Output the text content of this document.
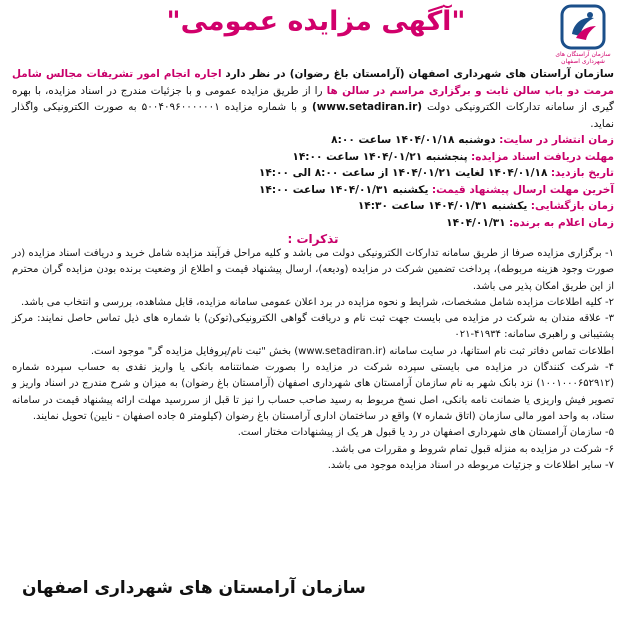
"آگهی مزایده عمومی"
سازمان آراستگان های
شهرداری اصفهان
سازمان آراستان های شهرداری اصفهان (آرامستان باغ رضوان) در نظر دارد اجاره انجام امور تشریفات مجالس شامل مرمت دو باب سالن ثابت و برگزاری مراسم در سالن ها را از طریق مزایده عمومی و با جزئیات مندرج در اسناد مزایده، با بهره گیری از سامانه تدارکات الکترونیکی دولت (www.setadiran.ir) و با شماره مزایده ۵۰۰۴۰۹۶۰۰۰۰۰۰۱ به صورت الکترونیکی واگذار نماید.
زمان انتشار در سایت: دوشنبه ۱۴۰۴/۰۱/۱۸ ساعت ۸:۰۰
مهلت دریافت اسناد مزایده: پنجشنبه ۱۴۰۴/۰۱/۲۱ ساعت ۱۴:۰۰
تاریخ بازدید: ۱۴۰۴/۰۱/۱۸ لغایت ۱۴۰۴/۰۱/۲۱ از ساعت ۸:۰۰ الی ۱۴:۰۰
آخرین مهلت ارسال پیشنهاد قیمت: یکشنبه ۱۴۰۴/۰۱/۳۱ ساعت ۱۴:۰۰
زمان بازگشایی: یکشنبه ۱۴۰۴/۰۱/۳۱ ساعت ۱۴:۳۰
زمان اعلام به برنده: ۱۴۰۴/۰۱/۳۱
تذکرات :

۱- برگزاری مزایده صرفا از طریق سامانه تدارکات الکترونیکی دولت می باشد و کلیه مراحل فرآیند مزایده شامل خرید و دریافت اسناد مزایده (در صورت وجود هزینه مربوطه)، پرداخت تضمین شرکت در مزایده (ودیعه)، ارسال پیشنهاد قیمت و اطلاع از وضعیت برنده بودن مزایده گران محترم از این طریق امکان پذیر می باشد.

۲- کلیه اطلاعات مزایده شامل مشخصات، شرایط و نحوه مزایده در برد اعلان عمومی سامانه مزایده، قابل مشاهده، بررسی و انتخاب می باشد.

۳- علاقه مندان به شرکت در مزایده می بایست جهت ثبت نام و دریافت گواهی الکترونیکی(توکن) با شماره های ذیل تماس حاصل نمایند: مرکز پشتیبانی و راهبری سامانه: ۴۱۹۳۴-۰۲۱

اطلاعات تماس دفاتر ثبت نام استانها، در سایت سامانه (www.setadiran.ir) بخش "ثبت نام/پروفایل مزایده گر" موجود است.

۴- شرکت کنندگان در مزایده می بایستی سپرده شرکت در مزایده را بصورت ضمانتنامه بانکی یا واریز نقدی به حساب سپرده شماره (۱۰۰۱۰۰۰۶۵۲۹۱۲) نزد بانک شهر به نام سازمان آرامستان های شهرداری اصفهان (آرامستان باغ رضوان) به میزان و شرح مندرج در اسناد واریز و تصویر فیش واریزی یا ضمانت نامه بانکی، اصل نسخ مربوط به رسید صاحب حساب را نیز تا قبل از سررسید مهلت ارائه پیشنهاد قیمت در سامانه ستاد، به واحد امور مالی سازمان (اتاق شماره ۷) واقع در ساختمان اداری آرامستان باغ رضوان (کیلومتر ۵ جاده اصفهان - نایین) تحویل نمایند.

۵- سازمان آرامستان های شهرداری اصفهان در رد یا قبول هر یک از پیشنهادات مختار است.

۶- شرکت در مزایده به منزله قبول تمام شروط و مقررات می باشد.

۷- سایر اطلاعات و جزئیات مربوطه در اسناد مزایده موجود می باشد.

سازمان آرامستان های شهرداری اصفهان
